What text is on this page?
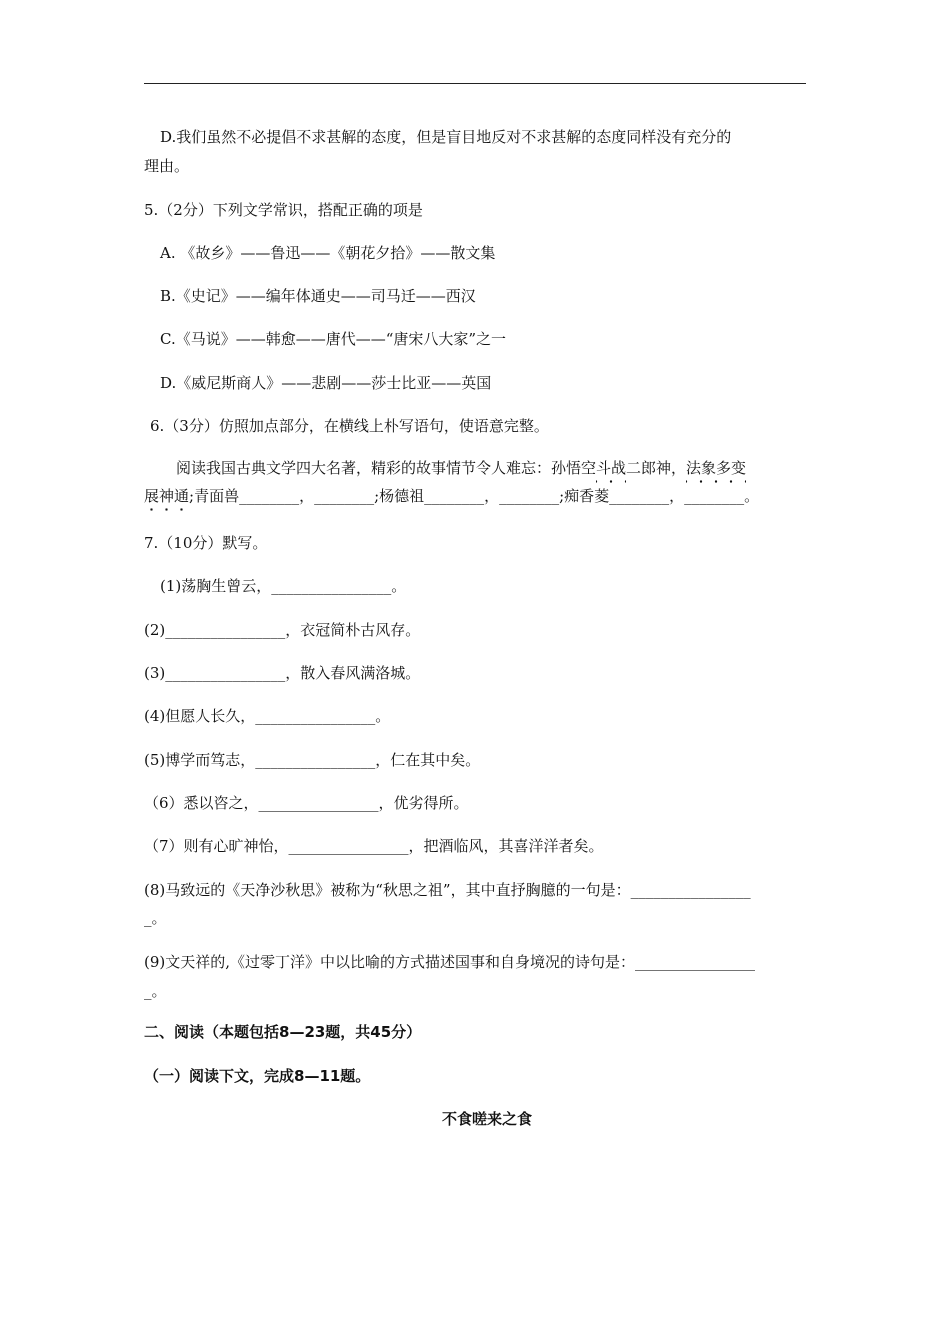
D.我们虽然不必提倡不求甚解的态度，但是盲目地反对不求甚解的态度同样没有充分的
理由。
5.（2分）下列文学常识，搭配正确的项是
A. 《故乡》——鲁迅——《朝花夕拾》——散文集
B.《史记》——编年体通史——司马迁——西汉
C.《马说》——韩愈——唐代——“唐宋八大家”之一
D.《威尼斯商人》——悲剧——莎士比亚——英国
6.（3分）仿照加点部分，在横线上朴写语句，使语意完整。
阅读我国古典文学四大名著，精彩的故事情节令人难忘：孙悟空斗战二郎神，法象多变
展神通;青面兽________，________;杨德祖________，________;痴香菱________，________。
7.（10分）默写。
(1)荡胸生曾云，________________。
(2)________________，衣冠简朴古风存。
(3)________________，散入春风满洛城。
(4)但愿人长久，________________。
(5)博学而笃志，________________，仁在其中矣。
（6）悉以咨之，________________，优劣得所。
（7）则有心旷神怡，________________，把酒临风，其喜洋洋者矣。
(8)马致远的《天净沙秋思》被称为“秋思之祖”，其中直抒胸臆的一句是：________________
_。
(9)文天祥的,《过零丁洋》中以比喻的方式描述国事和自身境况的诗句是：________________
_。
二、阅读（本题包括8—23题，共45分）
（一）阅读下文，完成8—11题。
不食嗟来之食
